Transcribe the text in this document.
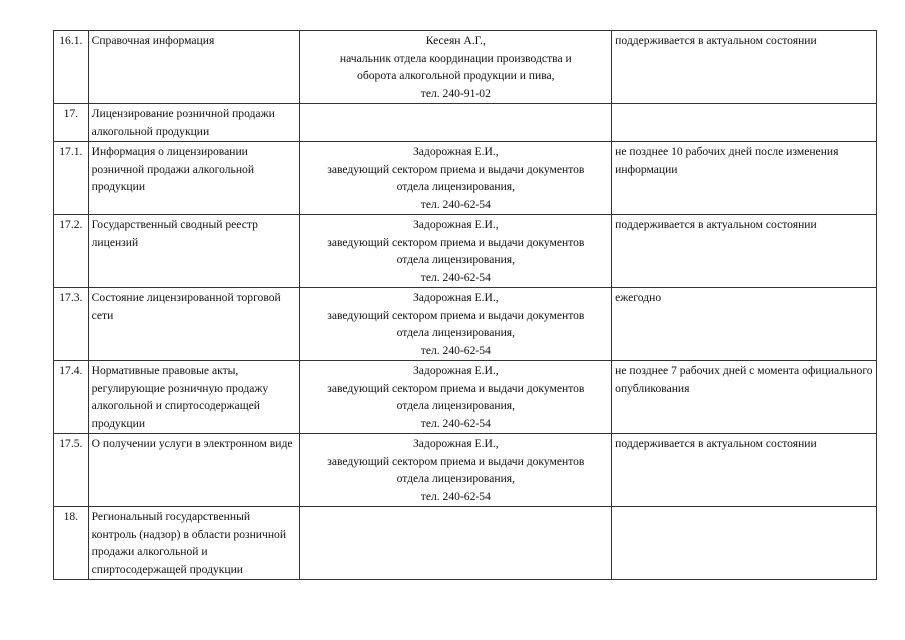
16.1.	Справочная информация	Кесеян А.Г.,
начальник отдела координации производства и
оборота алкогольной продукции и пива,
тел. 240-91-02	поддерживается в актуальном состоянии
17.	Лицензирование розничной продажи алкогольной продукции		
17.1.	Информация о лицензировании розничной продажи алкогольной продукции	Задорожная Е.И.,
заведующий сектором приема и выдачи документов
отдела лицензирования,
тел. 240-62-54	не позднее 10 рабочих дней после изменения информации
17.2.	Государственный сводный реестр лицензий	Задорожная Е.И.,
заведующий сектором приема и выдачи документов
отдела лицензирования,
тел. 240-62-54	поддерживается в актуальном состоянии
17.3.	Состояние лицензированной торговой сети	Задорожная Е.И.,
заведующий сектором приема и выдачи документов
отдела лицензирования,
тел. 240-62-54	ежегодно
17.4.	Нормативные правовые акты, регулирующие розничную продажу алкогольной и спиртосодержащей продукции	Задорожная Е.И.,
заведующий сектором приема и выдачи документов
отдела лицензирования,
тел. 240-62-54	не позднее 7 рабочих дней с момента официального опубликования
17.5.	О получении услуги в электронном виде	Задорожная Е.И.,
заведующий сектором приема и выдачи документов
отдела лицензирования,
тел. 240-62-54	поддерживается в актуальном состоянии
18.	Региональный государственный контроль (надзор) в области розничной продажи алкогольной и спиртосодержащей продукции		
